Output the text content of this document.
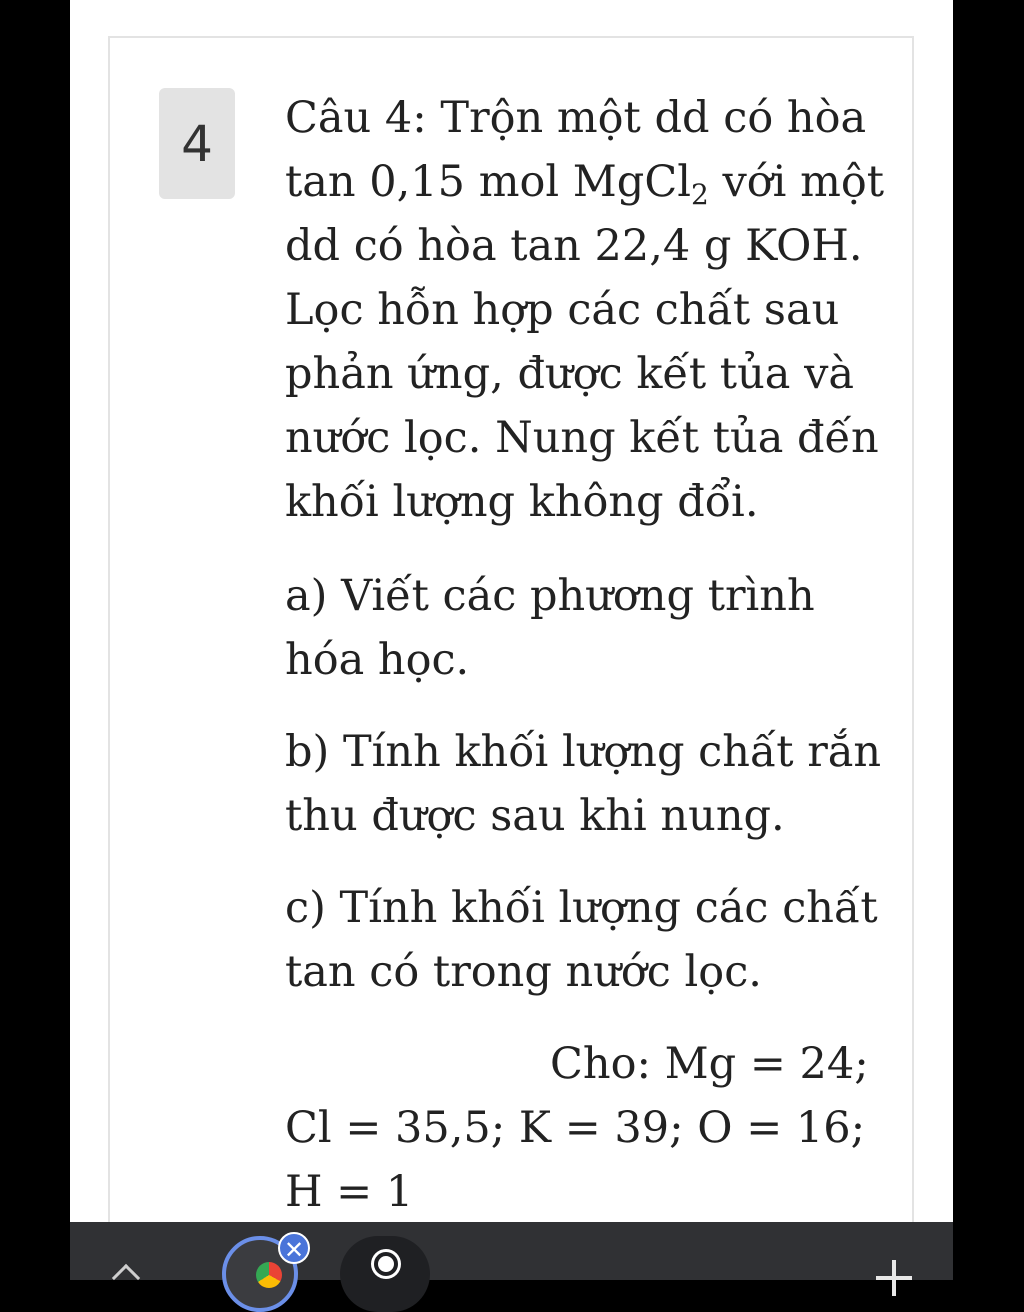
4 Câu 4: Trộn một dd có hòa tan 0,15 mol MgCl$_2$ với một dd có hòa tan 22,4 g KOH. Lọc hỗn hợp các chất sau phản ứng, được kết tủa và nước lọc. Nung kết tủa đến khối lượng không đổi.

a) Viết các phương trình hóa học.

b) Tính khối lượng chất rắn thu được sau khi nung.

c) Tính khối lượng các chất tan có trong nước lọc.

Cho: Mg = 24;

Cl = 35,5; K = 39; O = 16; H = 1

✕
